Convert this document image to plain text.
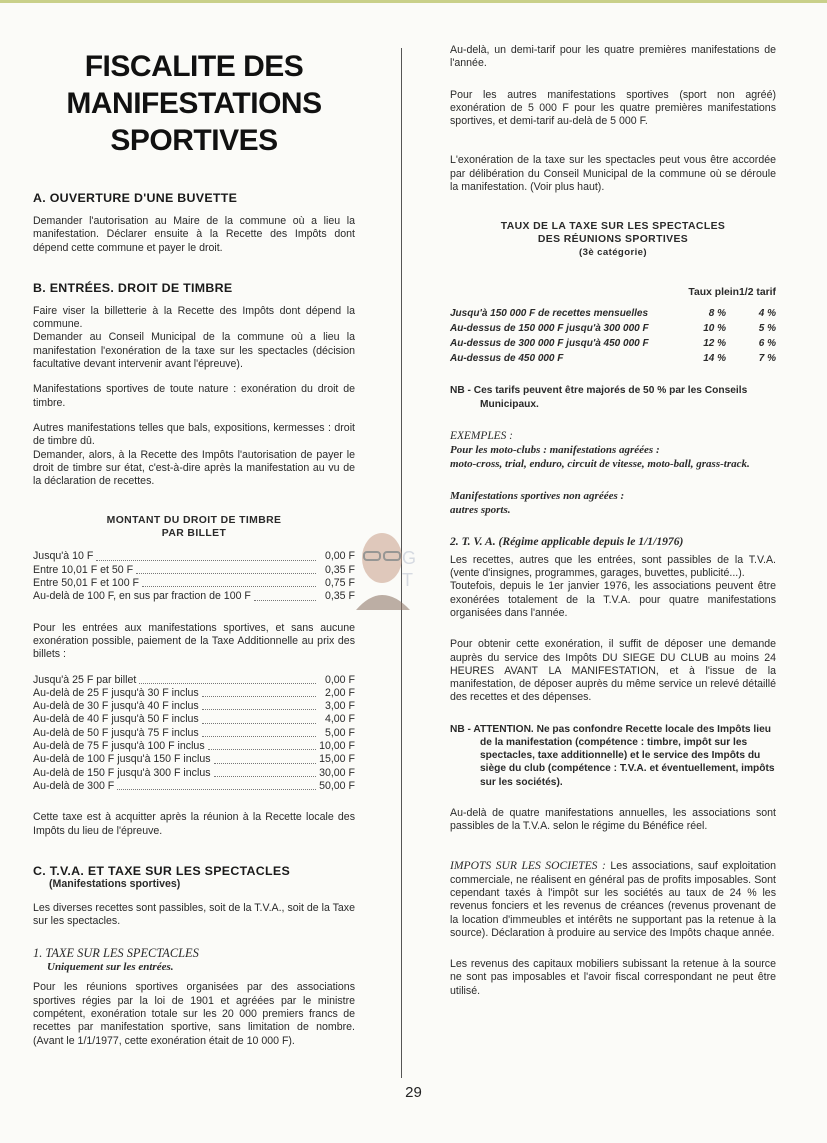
G
T
FISCALITE DES
MANIFESTATIONS
SPORTIVES
A. OUVERTURE D'UNE BUVETTE

Demander l'autorisation au Maire de la commune où a lieu la manifestation. Déclarer ensuite à la Recette des Impôts dont dépend cette commune et payer le droit.

B. ENTRÉES. DROIT DE TIMBRE

Faire viser la billetterie à la Recette des Impôts dont dépend la commune.

Demander au Conseil Municipal de la commune où a lieu la manifestation l'exonération de la taxe sur les spectacles (décision facultative devant intervenir avant l'épreuve).

Manifestations sportives de toute nature : exonération du droit de timbre.

Autres manifestations telles que bals, expositions, kermesses : droit de timbre dû.

Demander, alors, à la Recette des Impôts l'autorisation de payer le droit de timbre sur état, c'est-à-dire après la manifestation au vu de la déclaration de recettes.

MONTANT DU DROIT DE TIMBRE
PAR BILLET
Jusqu'à 10 F	0,00 F
Entre 10,01 F et 50 F	0,35 F
Entre 50,01 F et 100 F	0,75 F
Au-delà de 100 F, en sus par fraction de 100 F	0,35 F

Pour les entrées aux manifestations sportives, et sans aucune exonération possible, paiement de la Taxe Additionnelle au prix des billets :

Jusqu'à 25 F par billet	0,00 F
Au-delà de 25 F jusqu'à 30 F inclus	2,00 F
Au-delà de 30 F jusqu'à 40 F inclus	3,00 F
Au-delà de 40 F jusqu'à 50 F inclus	4,00 F
Au-delà de 50 F jusqu'à 75 F inclus	5,00 F
Au-delà de 75 F jusqu'à 100 F inclus	10,00 F
Au-delà de 100 F jusqu'à 150 F inclus	15,00 F
Au-delà de 150 F jusqu'à 300 F inclus	30,00 F
Au-delà de 300 F	50,00 F

Cette taxe est à acquitter après la réunion à la Recette locale des Impôts du lieu de l'épreuve.

C. T.V.A. ET TAXE SUR LES SPECTACLES
(Manifestations sportives)

Les diverses recettes sont passibles, soit de la T.V.A., soit de la Taxe sur les spectacles.

1. TAXE SUR LES SPECTACLES

Uniquement sur les entrées.

Pour les réunions sportives organisées par des associations sportives régies par la loi de 1901 et agréées par le ministre compétent, exonération totale sur les 20 000 premiers francs de recettes par manifestation sportive, sans limitation de nombre. (Avant le 1/1/1977, cette exonération était de 10 000 F).

Au-delà, un demi-tarif pour les quatre premières manifestations de l'année.

Pour les autres manifestations sportives (sport non agréé) exonération de 5 000 F pour les quatre premières manifestations sportives, et demi-tarif au-delà de 5 000 F.

L'exonération de la taxe sur les spectacles peut vous être accordée par délibération du Conseil Municipal de la commune où se déroule la manifestation. (Voir plus haut).

TAUX DE LA TAXE SUR LES SPECTACLES
DES RÉUNIONS SPORTIVES
(3è catégorie)
Taux plein 1/2 tarif
Jusqu'à 150 000 F de recettes mensuelles	8 %	4 %
Au-dessus de 150 000 F jusqu'à 300 000 F	10 %	5 %
Au-dessus de 300 000 F jusqu'à 450 000 F	12 %	6 %
Au-dessus de 450 000 F	14 %	7 %

NB - Ces tarifs peuvent être majorés de 50 % par les Conseils Municipaux.

EXEMPLES :

Pour les moto-clubs : manifestations agréées :

moto-cross, trial, enduro, circuit de vitesse, moto-ball, grass-track.

Manifestations sportives non agréées :

autres sports.

2. T. V. A. (Régime applicable depuis le 1/1/1976)

Les recettes, autres que les entrées, sont passibles de la T.V.A. (vente d'insignes, programmes, garages, buvettes, publicité...).

Toutefois, depuis le 1er janvier 1976, les associations peuvent être exonérées totalement de la T.V.A. pour quatre manifestations organisées dans l'année.

Pour obtenir cette exonération, il suffit de déposer une demande auprès du service des Impôts DU SIEGE DU CLUB au moins 24 HEURES AVANT LA MANIFESTATION, et à l'issue de la manifestation, de déposer auprès du même service un relevé détaillé des recettes et des dépenses.

NB - ATTENTION. Ne pas confondre Recette locale des Impôts lieu de la manifestation (compétence : timbre, impôt sur les spectacles, taxe additionnelle) et le service des Impôts du siège du club (compétence : T.V.A. et éventuellement, impôts sur les sociétés).

Au-delà de quatre manifestations annuelles, les associations sont passibles de la T.V.A. selon le régime du Bénéfice réel.

IMPOTS SUR LES SOCIETES : Les associations, sauf exploitation commerciale, ne réalisent en général pas de profits imposables. Sont cependant taxés à l'impôt sur les sociétés au taux de 24 % les revenus fonciers et les revenus de créances (revenus provenant de la location d'immeubles et intérêts ne supportant pas la retenue à la source). Déclaration à produire au service des Impôts chaque année.

Les revenus des capitaux mobiliers subissant la retenue à la source ne sont pas imposables et l'avoir fiscal correspondant ne peut être utilisé.

29
